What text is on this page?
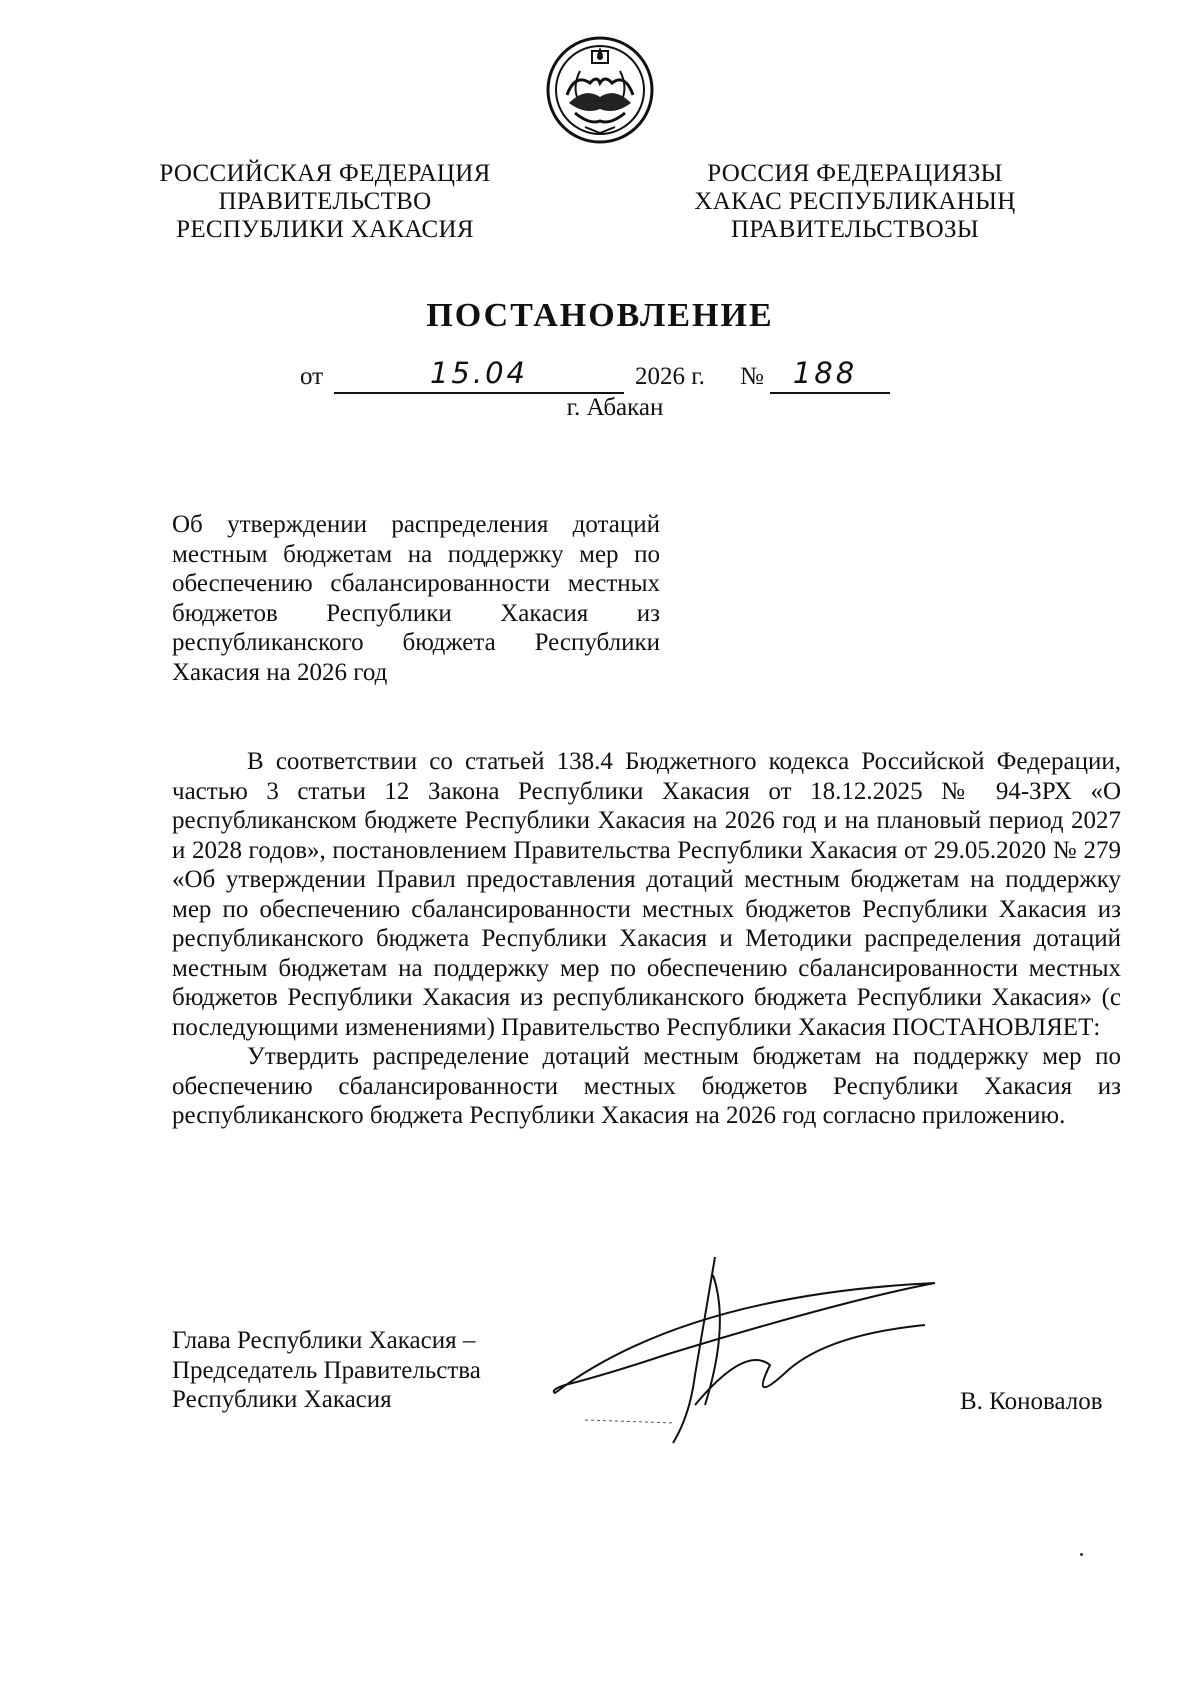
РОССИЙСКАЯ ФЕДЕРАЦИЯ
ПРАВИТЕЛЬСТВО
РЕСПУБЛИКИ ХАКАСИЯ
РОССИЯ ФЕДЕРАЦИЯЗЫ
ХАКАС РЕСПУБЛИКАНЫҢ
ПРАВИТЕЛЬСТВОЗЫ
ПОСТАНОВЛЕНИЕ
от	15.04	2026 г. № 188
г. Абакан
Об утверждении распределения дотаций местным бюджетам на поддержку мер по обеспечению сбалансированности местных бюджетов Республики Хакасия из республиканского бюджета Республики Хакасия на 2026 год

В соответствии со статьей 138.4 Бюджетного кодекса Российской Федерации, частью 3 статьи 12 Закона Республики Хакасия от 18.12.2025 № 94-ЗРХ «О республиканском бюджете Республики Хакасия на 2026 год и на плановый период 2027 и 2028 годов», постановлением Правительства Республики Хакасия от 29.05.2020 № 279 «Об утверждении Правил предоставления дотаций местным бюджетам на поддержку мер по обеспечению сбалансированности местных бюджетов Республики Хакасия из республиканского бюджета Республики Хакасия и Методики распределения дотаций местным бюджетам на поддержку мер по обеспечению сбалансированности местных бюджетов Республики Хакасия из республиканского бюджета Республики Хакасия» (с последующими изменениями) Правительство Республики Хакасия ПОСТАНОВЛЯЕТ:

Утвердить распределение дотаций местным бюджетам на поддержку мер по обеспечению сбалансированности местных бюджетов Республики Хакасия из республиканского бюджета Республики Хакасия на 2026 год согласно приложению.

Глава Республики Хакасия –
Председатель Правительства
Республики Хакасия	В. Коновалов
